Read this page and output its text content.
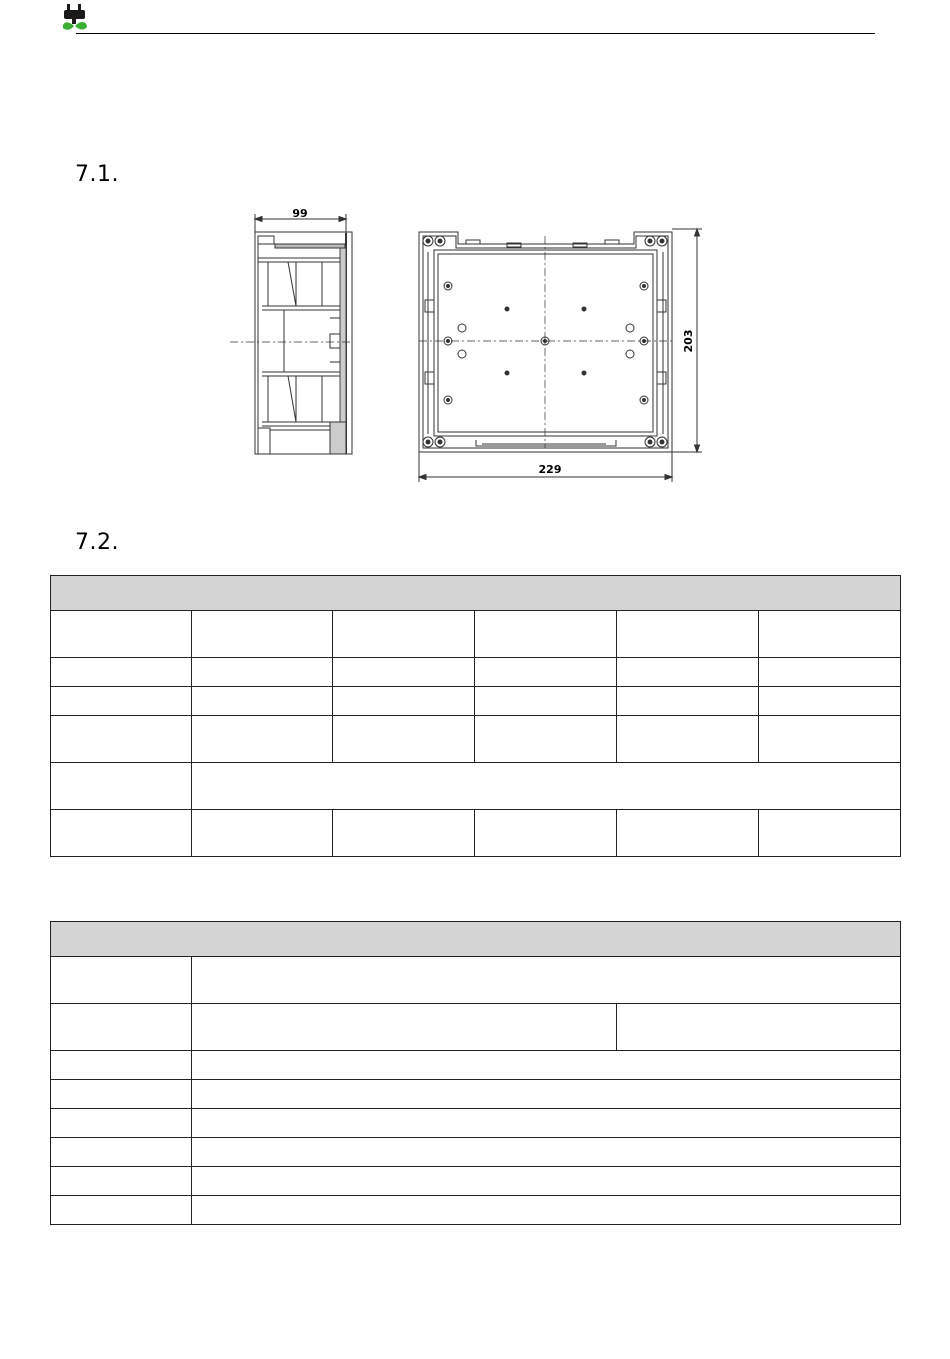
7.1.
99
203
229
7.2.
